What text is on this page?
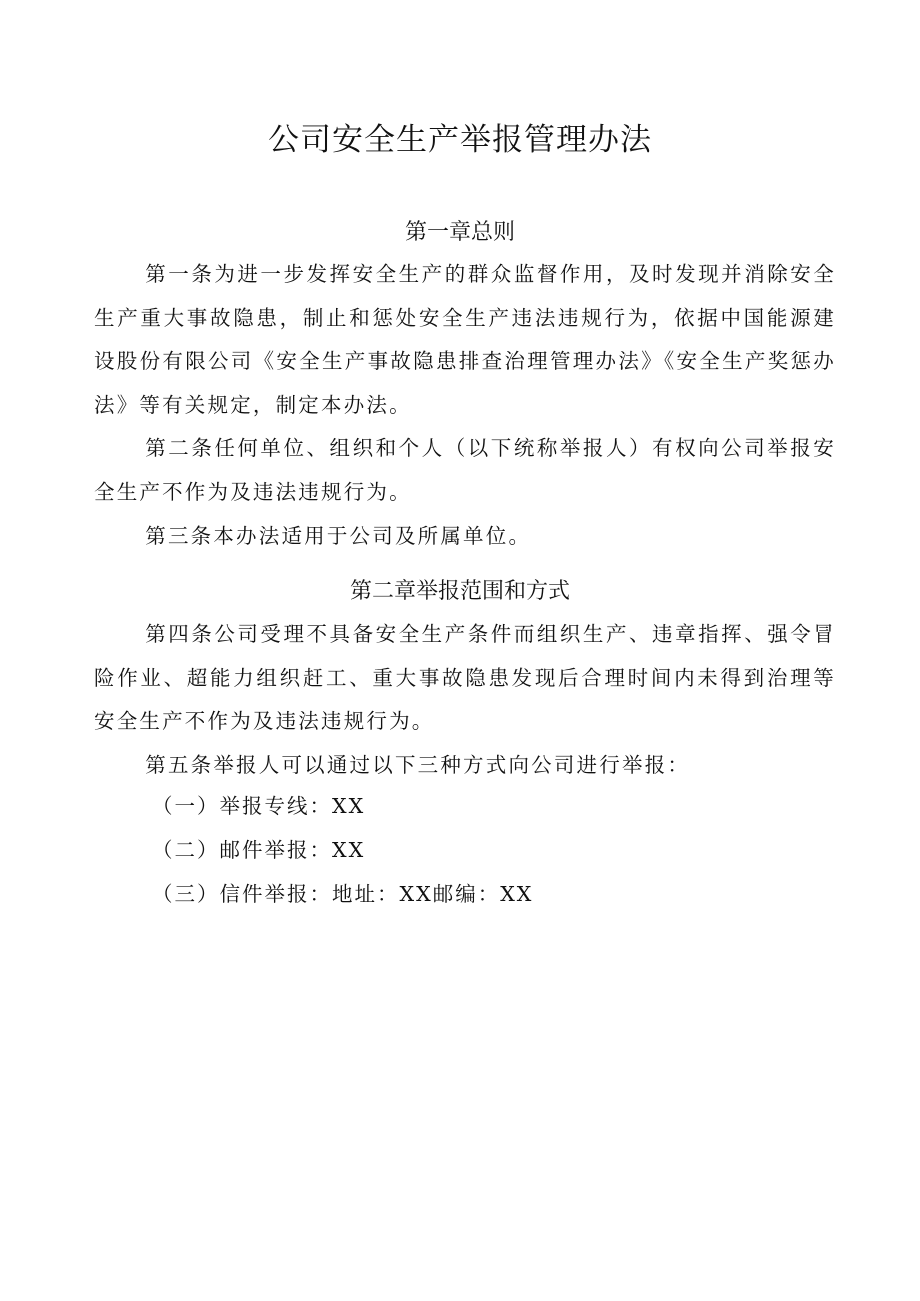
公司安全生产举报管理办法
第一章总则

第一条为进一步发挥安全生产的群众监督作用，及时发现并消除安全生产重大事故隐患，制止和惩处安全生产违法违规行为，依据中国能源建设股份有限公司《安全生产事故隐患排查治理管理办法》《安全生产奖惩办法》等有关规定，制定本办法。

第二条任何单位、组织和个人（以下统称举报人）有权向公司举报安全生产不作为及违法违规行为。

第三条本办法适用于公司及所属单位。

第二章举报范围和方式

第四条公司受理不具备安全生产条件而组织生产、违章指挥、强令冒险作业、超能力组织赶工、重大事故隐患发现后合理时间内未得到治理等安全生产不作为及违法违规行为。

第五条举报人可以通过以下三种方式向公司进行举报：

（一）举报专线：XX

（二）邮件举报：XX

（三）信件举报：地址：XX邮编：XX
